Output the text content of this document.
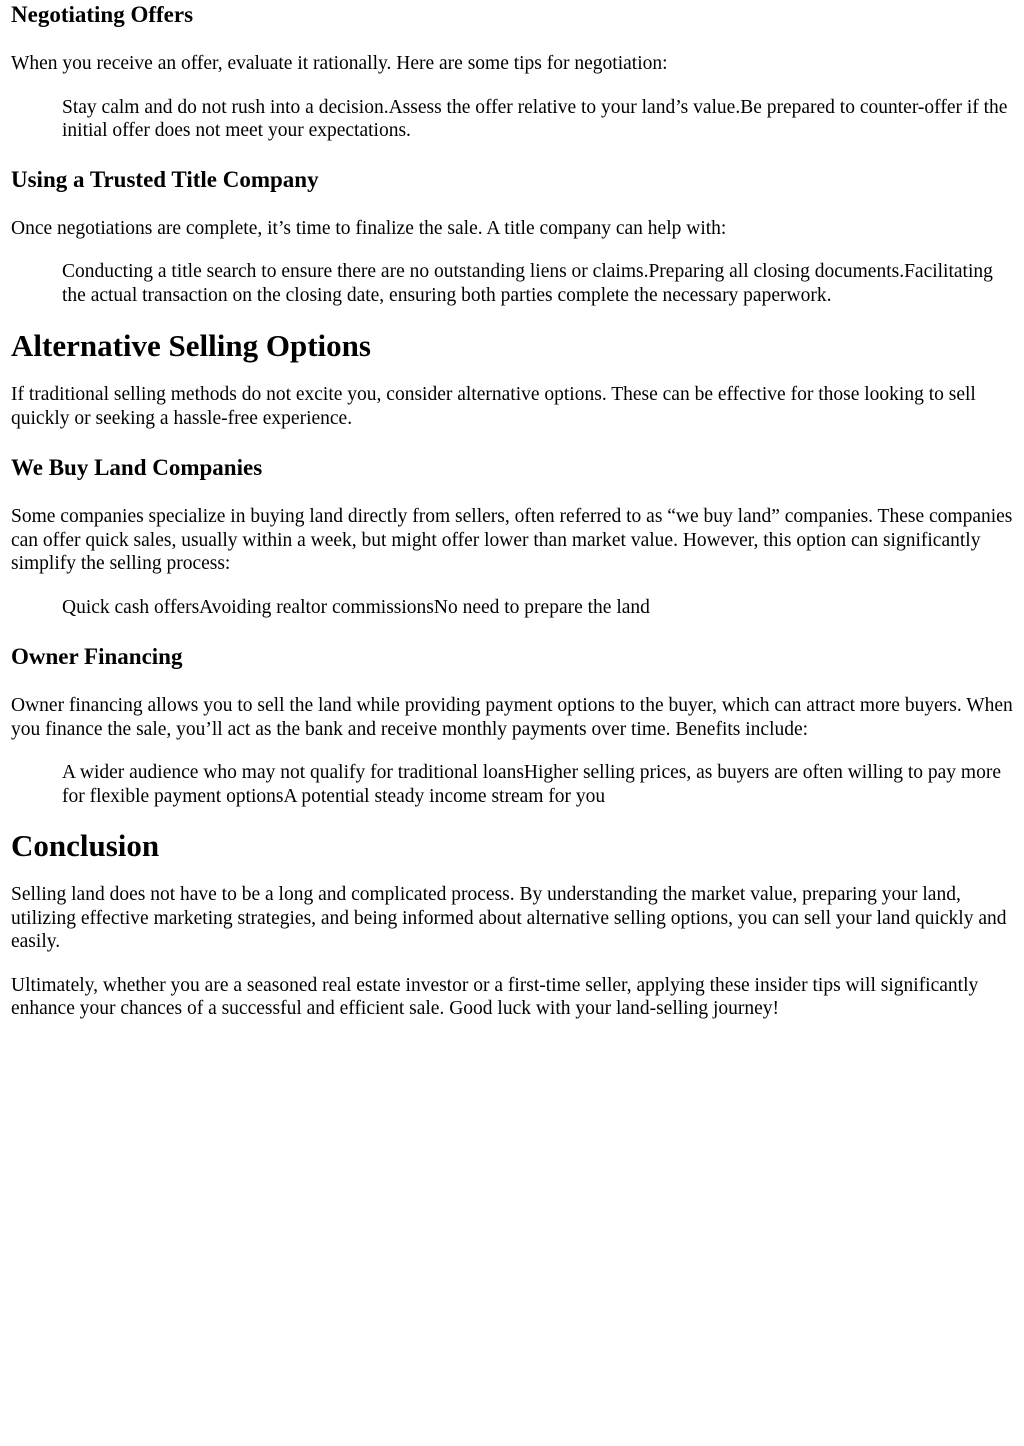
Negotiating Offers

When you receive an offer, evaluate it rationally. Here are some tips for negotiation:

Stay calm and do not rush into a decision.Assess the offer relative to your land’s value.Be prepared to counter-offer if the initial offer does not meet your expectations.
Using a Trusted Title Company

Once negotiations are complete, it’s time to finalize the sale. A title company can help with:

Conducting a title search to ensure there are no outstanding liens or claims.Preparing all closing documents.Facilitating the actual transaction on the closing date, ensuring both parties complete the necessary paperwork.
Alternative Selling Options

If traditional selling methods do not excite you, consider alternative options. These can be effective for those looking to sell quickly or seeking a hassle-free experience.

We Buy Land Companies

Some companies specialize in buying land directly from sellers, often referred to as “we buy land” companies. These companies can offer quick sales, usually within a week, but might offer lower than market value. However, this option can significantly simplify the selling process:

Quick cash offersAvoiding realtor commissionsNo need to prepare the land
Owner Financing

Owner financing allows you to sell the land while providing payment options to the buyer, which can attract more buyers. When you finance the sale, you’ll act as the bank and receive monthly payments over time. Benefits include:

A wider audience who may not qualify for traditional loansHigher selling prices, as buyers are often willing to pay more for flexible payment optionsA potential steady income stream for you
Conclusion

Selling land does not have to be a long and complicated process. By understanding the market value, preparing your land, utilizing effective marketing strategies, and being informed about alternative selling options, you can sell your land quickly and easily.

Ultimately, whether you are a seasoned real estate investor or a first-time seller, applying these insider tips will significantly enhance your chances of a successful and efficient sale. Good luck with your land-selling journey!
